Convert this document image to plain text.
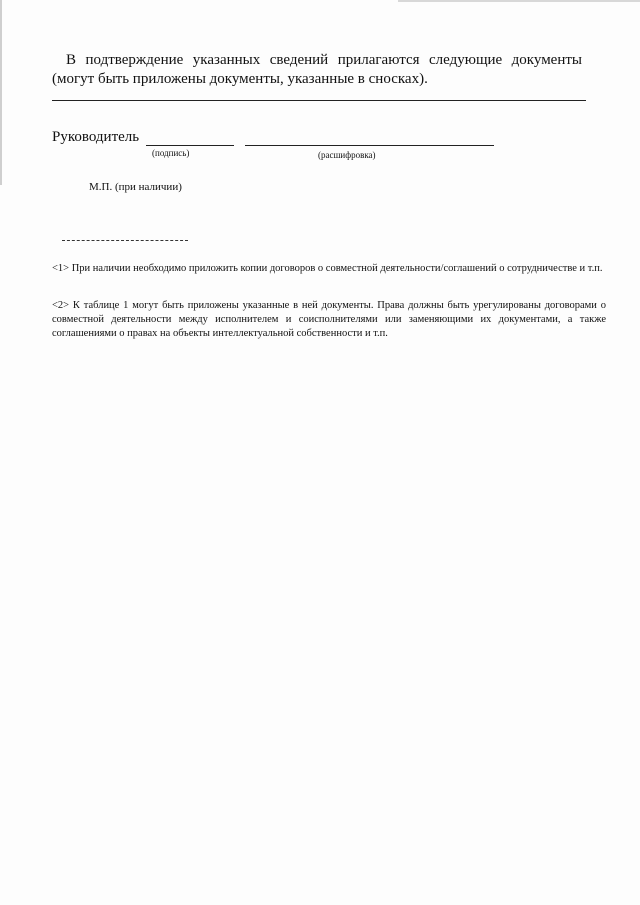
В подтверждение указанных сведений прилагаются следующие документы
(могут быть приложены документы, указанные в сносках).
Руководитель
(подпись)	(расшифровка)
М.П. (при наличии)

<1> При наличии необходимо приложить копии договоров о совместной деятельности/соглашений о сотрудничестве и т.п.

<2> К таблице 1 могут быть приложены указанные в ней документы. Права должны быть урегулированы договорами о совместной деятельности между исполнителем и соисполнителями или заменяющими их документами, а также соглашениями о правах на объекты интеллектуальной собственности и т.п.
